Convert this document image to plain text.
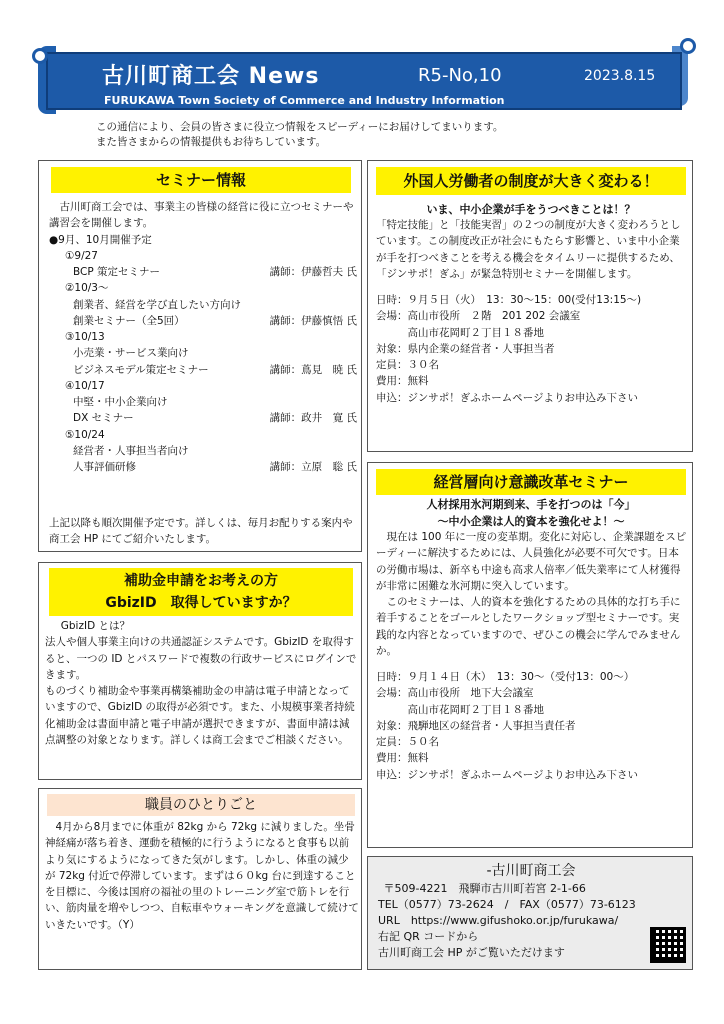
古川町商工会 News	R5-No,10	2023.8.15
FURUKAWA Town Society of Commerce and Industry Information
この通信により、会員の皆さまに役立つ情報をスピーディーにお届けしてまいります。
また皆さまからの情報提供もお待ちしています。
セミナー情報
古川町商工会では、事業主の皆様の経営に役に立つセミナーや講習会を開催します。
●9月、10月開催予定
①9/27
BCP 策定セミナー	講師：伊藤哲夫 氏
②10/3～
創業者、経営を学び直したい方向け
創業セミナー（全5回）	講師：伊藤慎悟 氏
③10/13
小売業・サービス業向け
ビジネスモデル策定セミナー	講師：蔦見　暁 氏
④10/17
中堅・中小企業向け
DX セミナー	講師：政井　寛 氏
⑤10/24
経営者・人事担当者向け
人事評価研修	講師：立原　聡 氏
上記以降も順次開催予定です。詳しくは、毎月お配りする案内や商工会 HP にてご紹介いたします。
補助金申請をお考えの方
GbizID　取得していますか？
GbizID とは？
法人や個人事業主向けの共通認証システムです。GbizID を取得すると、一つの ID とパスワードで複数の行政サービスにログインできます。
ものづくり補助金や事業再構築補助金の申請は電子申請となっていますので、GbizID の取得が必須です。また、小規模事業者持続化補助金は書面申請と電子申請が選択できますが、書面申請は減点調整の対象となります。詳しくは商工会までご相談ください。
職員のひとりごと
4月から8月までに体重が 82kg から 72kg に減りました。坐骨神経痛が落ち着き、運動を積極的に行うようになると食事も以前より気にするようになってきた気がします。しかし、体重の減少が 72kg 付近で停滞しています。まずは６０kg 台に到達することを目標に、今後は国府の福祉の里のトレーニング室で筋トレを行い、筋肉量を増やしつつ、自転車やウォーキングを意識して続けていきたいです。（Y）
外国人労働者の制度が大きく変わる！
いま、中小企業が手をうつべきことは！？
「特定技能」と「技能実習」の２つの制度が大きく変わろうとしています。この制度改正が社会にもたらす影響と、いま中小企業が手を打つべきことを考える機会をタイムリーに提供するため、「ジンサポ！ぎふ」が緊急特別セミナーを開催します。
日時：９月５日（火）　13：30～15：00(受付13:15～)
会場：高山市役所　２階　201 202 会議室
高山市花岡町２丁目１８番地
対象：県内企業の経営者・人事担当者
定員：３０名
費用：無料
申込：ジンサポ！ぎふホームページよりお申込み下さい
経営層向け意識改革セミナー
人材採用氷河期到来、手を打つのは「今」
～中小企業は人的資本を強化せよ！～
現在は 100 年に一度の変革期。変化に対応し、企業課題をスピーディーに解決するためには、人員強化が必要不可欠です。日本の労働市場は、新卒も中途も高求人倍率／低失業率にて人材獲得が非常に困難な氷河期に突入しています。
このセミナーは、人的資本を強化するための具体的な打ち手に着手することをゴールとしたワークショップ型セミナーです。実践的な内容となっていますので、ぜひこの機会に学んでみませんか。
日時：９月１４日（木）　13：30～（受付13：00～）
会場：高山市役所　地下大会議室
高山市花岡町２丁目１８番地
対象：飛騨地区の経営者・人事担当責任者
定員：５０名
費用：無料
申込：ジンサポ！ぎふホームページよりお申込み下さい
-古川町商工会
〒509-4221　飛騨市古川町若宮 2-1-66
TEL（0577）73-2624　/　FAX（0577）73-6123
URL　https://www.gifushoko.or.jp/furukawa/
右記 QR コードから
古川町商工会 HP がご覧いただけます
